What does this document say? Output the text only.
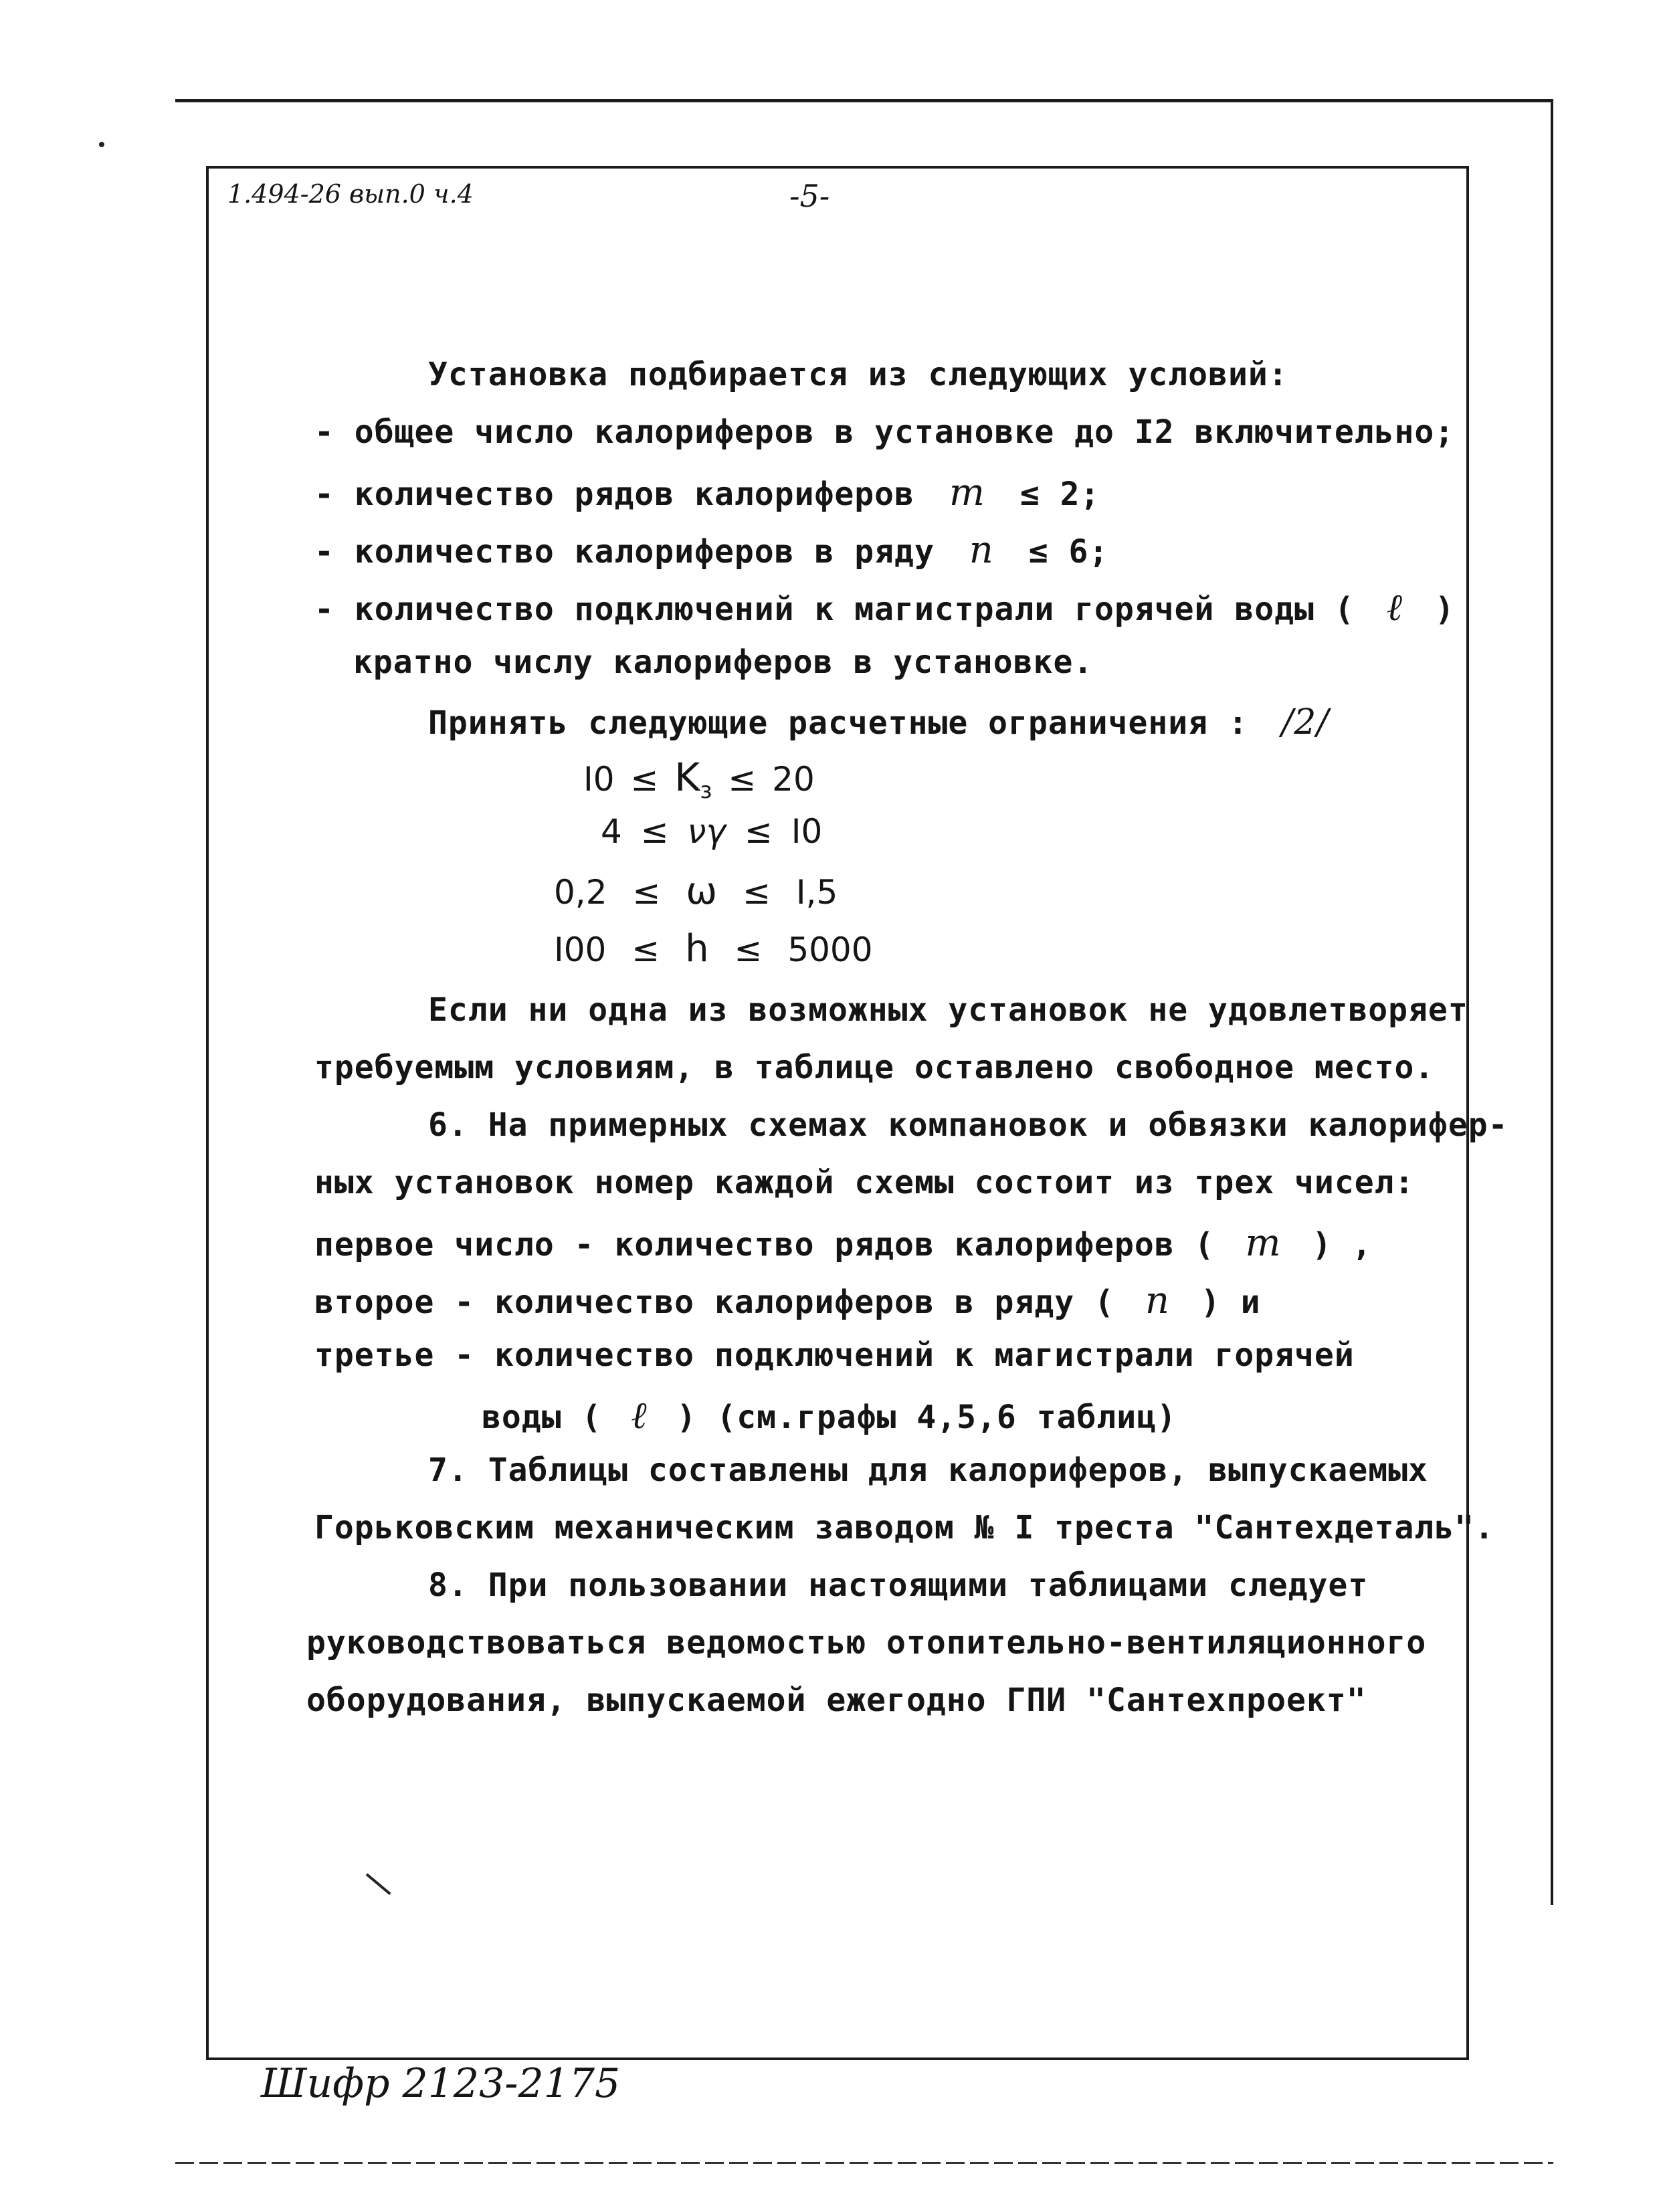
1.494-26 вып.0 ч.4	-5-
Установка подбирается из следующих условий:
- общее число калориферов в установке до I2 включительно;
- количество рядов калориферов m ≤ 2;
- количество калориферов в ряду n ≤ 6;
- количество подключений к магистрали горячей воды ( ℓ )
кратно числу калориферов в установке.
Принять следующие расчетные ограничения : /2/
$I0 \le K_з \le 20$
4 ≤ νγ ≤ I0
0,2 ≤ ω ≤ I,5
I00 ≤ h ≤ 5000
Если ни одна из возможных установок не удовлетворяет
требуемым условиям, в таблице оставлено свободное место.
6. На примерных схемах компановок и обвязки калорифер-
ных установок номер каждой схемы состоит из трех чисел:
первое число - количество рядов калориферов ( m ) ,
второе - количество калориферов в ряду ( n ) и
третье - количество подключений к магистрали горячей
воды ( ℓ ) (см.графы 4,5,6 таблиц)
7. Таблицы составлены для калориферов, выпускаемых
Горьковским механическим заводом № I треста "Сантехдеталь".
8. При пользовании настоящими таблицами следует
руководствоваться ведомостью отопительно-вентиляционного
оборудования, выпускаемой ежегодно ГПИ "Сантехпроект"
Шифр 2123-2175
